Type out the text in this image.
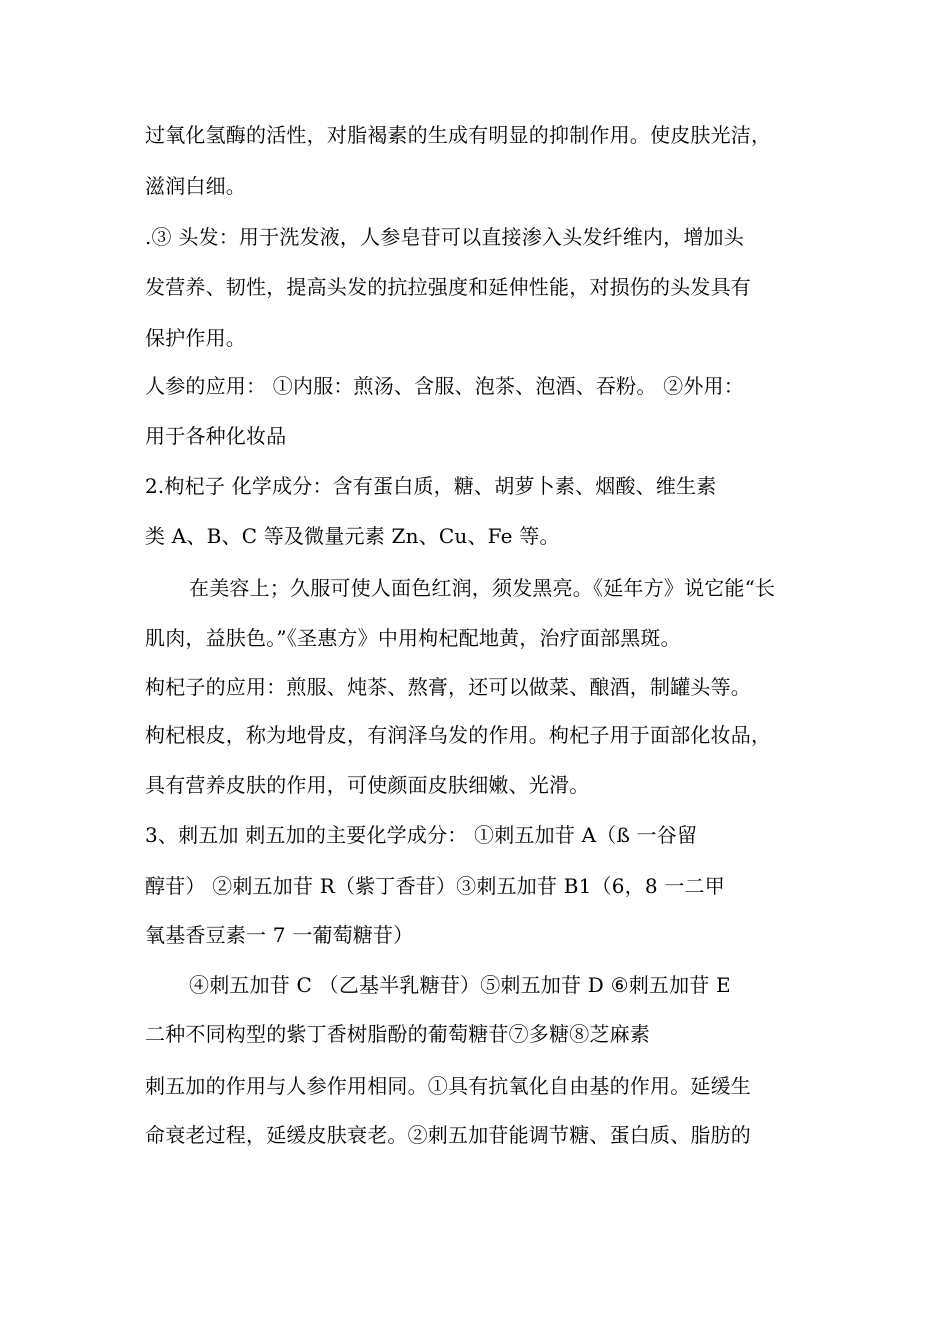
过氧化氢酶的活性，对脂褐素的生成有明显的抑制作用。使皮肤光洁，
滋润白细。
.③ 头发：用于洗发液，人参皂苷可以直接渗入头发纤维内，增加头
发营养、韧性，提高头发的抗拉强度和延伸性能，对损伤的头发具有
保护作用。
人参的应用： ①内服：煎汤、含服、泡茶、泡酒、吞粉。 ②外用：
用于各种化妆品
2.枸杞子 化学成分：含有蛋白质，糖、胡萝卜素、烟酸、维生素
类 A、B、C 等及微量元素 Zn、Cu、Fe 等。
在美容上；久服可使人面色红润，须发黑亮。《延年方》说它能“长
肌肉，益肤色。”《圣惠方》中用枸杞配地黄，治疗面部黑斑。
枸杞子的应用：煎服、炖茶、熬膏，还可以做菜、酿酒，制罐头等。
枸杞根皮，称为地骨皮，有润泽乌发的作用。枸杞子用于面部化妆品，
具有营养皮肤的作用，可使颜面皮肤细嫩、光滑。
3、刺五加 刺五加的主要化学成分： ①刺五加苷 A（ß 一谷留
醇苷） ②刺五加苷 R（紫丁香苷）③刺五加苷 B1（6，8 一二甲
氧基香豆素一 7 一葡萄糖苷）
④刺五加苷 C （乙基半乳糖苷）⑤刺五加苷 D ⑥刺五加苷 E
二种不同构型的紫丁香树脂酚的葡萄糖苷⑦多糖⑧芝麻素
刺五加的作用与人参作用相同。①具有抗氧化自由基的作用。延缓生
命衰老过程，延缓皮肤衰老。②刺五加苷能调节糖、蛋白质、脂肪的
